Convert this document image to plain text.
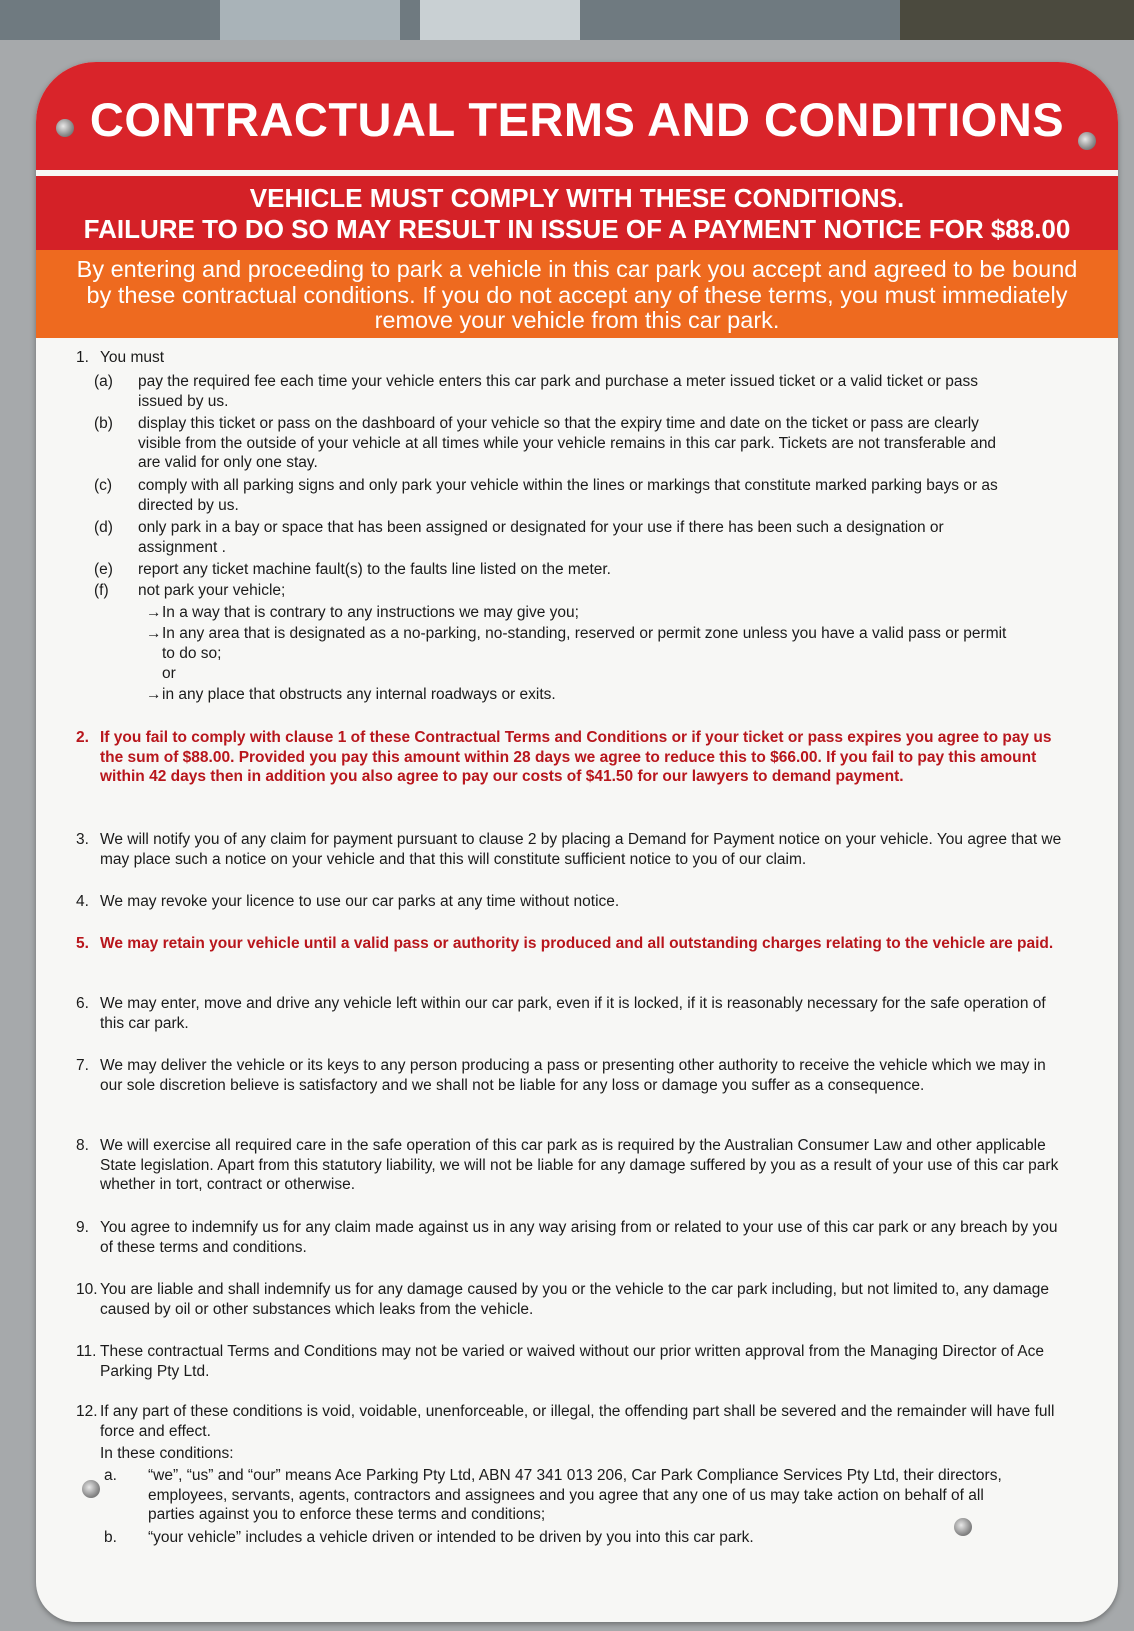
CONTRACTUAL TERMS AND CONDITIONS
VEHICLE MUST COMPLY WITH THESE CONDITIONS.
FAILURE TO DO SO MAY RESULT IN ISSUE OF A PAYMENT NOTICE FOR $88.00
By entering and proceeding to park a vehicle in this car park you accept and agreed to be bound by these contractual conditions. If you do not accept any of these terms, you must immediately remove your vehicle from this car park.
1. You must
(a)	pay the required fee each time your vehicle enters this car park and purchase a meter issued ticket or a valid ticket or pass issued by us.
(b)	display this ticket or pass on the dashboard of your vehicle so that the expiry time and date on the ticket or pass are clearly visible from the outside of your vehicle at all times while your vehicle remains in this car park. Tickets are not transferable and are valid for only one stay.
(c)	comply with all parking signs and only park your vehicle within the lines or markings that constitute marked parking bays or as directed by us.
(d)	only park in a bay or space that has been assigned or designated for your use if there has been such a designation or assignment .
(e)	report any ticket machine fault(s) to the faults line listed on the meter.
(f)	not park your vehicle;
→ In a way that is contrary to any instructions we may give you;
→ In any area that is designated as a no-parking, no-standing, reserved or permit zone unless you have a valid pass or permit to do so;
or
→ in any place that obstructs any internal roadways or exits.
2. If you fail to comply with clause 1 of these Contractual Terms and Conditions or if your ticket or pass expires you agree to pay us the sum of $88.00. Provided you pay this amount within 28 days we agree to reduce this to $66.00. If you fail to pay this amount within 42 days then in addition you also agree to pay our costs of $41.50 for our lawyers to demand payment.
3. We will notify you of any claim for payment pursuant to clause 2 by placing a Demand for Payment notice on your vehicle. You agree that we may place such a notice on your vehicle and that this will constitute sufficient notice to you of our claim.
4. We may revoke your licence to use our car parks at any time without notice.
5. We may retain your vehicle until a valid pass or authority is produced and all outstanding charges relating to the vehicle are paid.
6. We may enter, move and drive any vehicle left within our car park, even if it is locked, if it is reasonably necessary for the safe operation of this car park.
7. We may deliver the vehicle or its keys to any person producing a pass or presenting other authority to receive the vehicle which we may in our sole discretion believe is satisfactory and we shall not be liable for any loss or damage you suffer as a consequence.
8. We will exercise all required care in the safe operation of this car park as is required by the Australian Consumer Law and other applicable State legislation. Apart from this statutory liability, we will not be liable for any damage suffered by you as a result of your use of this car park whether in tort, contract or otherwise.
9. You agree to indemnify us for any claim made against us in any way arising from or related to your use of this car park or any breach by you of these terms and conditions.
10. You are liable and shall indemnify us for any damage caused by you or the vehicle to the car park including, but not limited to, any damage caused by oil or other substances which leaks from the vehicle.
11. These contractual Terms and Conditions may not be varied or waived without our prior written approval from the Managing Director of Ace Parking Pty Ltd.
12. If any part of these conditions is void, voidable, unenforceable, or illegal, the offending part shall be severed and the remainder will have full force and effect.
In these conditions:
a.	“we”, “us” and “our” means Ace Parking Pty Ltd, ABN 47 341 013 206, Car Park Compliance Services Pty Ltd, their directors, employees, servants, agents, contractors and assignees and you agree that any one of us may take action on behalf of all parties against you to enforce these terms and conditions;
b.	“your vehicle” includes a vehicle driven or intended to be driven by you into this car park.
